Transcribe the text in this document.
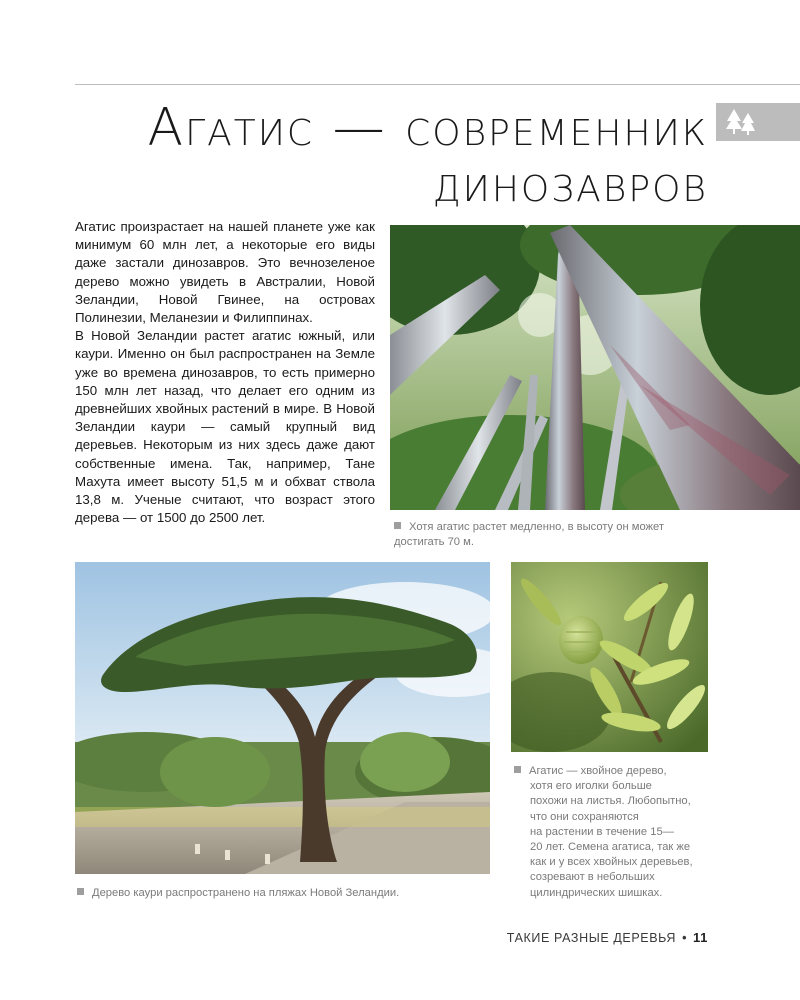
Агатис — современник
динозавров

Агатис произрастает на нашей планете уже как минимум 60 млн лет, а некоторые его виды даже застали динозавров. Это вечнозеленое дерево можно увидеть в Австралии, Новой Зеландии, Новой Гвинее, на островах Полинезии, Меланезии и Филиппинах.

В Новой Зеландии растет агатис южный, или каури. Именно он был распространен на Земле уже во времена динозавров, то есть примерно 150 млн лет назад, что делает его одним из древнейших хвойных растений в мире. В Новой Зеландии каури — самый крупный вид деревьев. Некоторым из них здесь даже дают собственные имена. Так, например, Тане Махута имеет высоту 51,5 м и обхват ствола 13,8 м. Ученые считают, что возраст этого дерева — от 1500 до 2500 лет.

Хотя агатис растет медленно, в высоту он может достигать 70 м.
Дерево каури распространено на пляжах Новой Зеландии.
Агатис — хвойное дерево,
хотя его иголки больше
похожи на листья. Любопытно,
что они сохраняются
на растении в течение 15—
20 лет. Семена агатиса, так же
как и у всех хвойных деревьев,
созревают в небольших
цилиндрических шишках.
ТАКИЕ РАЗНЫЕ ДЕРЕВЬЯ • 11
